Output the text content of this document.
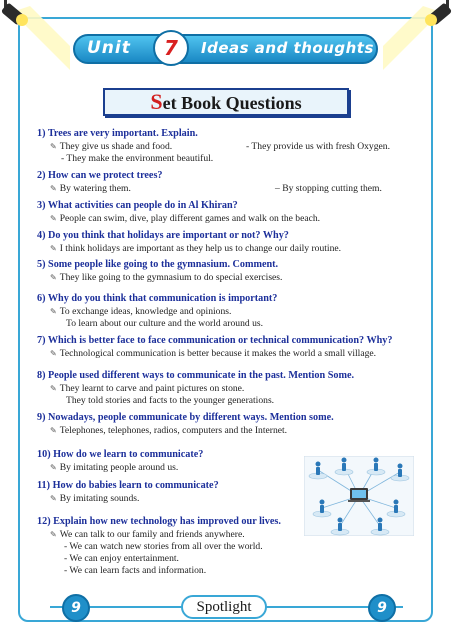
Unit	7	Ideas and thoughts
Set Book Questions
1) Trees are very important. Explain.
✎ They give us shade and food.	- They provide us with fresh Oxygen.
- They make the environment beautiful.
2) How can we protect trees?
✎ By watering them.	– By stopping cutting them.
3) What activities can people do in Al Khiran?
✎ People can swim, dive, play different games and walk on the beach.
4) Do you think that holidays are important or not? Why?
✎ I think holidays are important as they help us to change our daily routine.
5) Some people like going to the gymnasium. Comment.
✎ They like going to the gymnasium to do special exercises.
6) Why do you think that communication is important?
✎ To exchange ideas, knowledge and opinions.
To learn about our culture and the world around us.
7) Which is better face to face communication or technical communication? Why?
✎ Technological communication is better because it makes the world a small village.
8) People used different ways to communicate in the past. Mention Some.
✎ They learnt to carve and paint pictures on stone.
They told stories and facts to the younger generations.
9) Nowadays, people communicate by different ways. Mention some.
✎ Telephones, telephones, radios, computers and the Internet.
10) How do we learn to communicate?
✎ By imitating people around us.
11) How do babies learn to communicate?
✎ By imitating sounds.
12) Explain how new technology has improved our lives.
✎ We can talk to our family and friends anywhere.
- We can watch new stories from all over the world.
- We can enjoy entertainment.
- We can learn facts and information.
9	Spotlight	9
